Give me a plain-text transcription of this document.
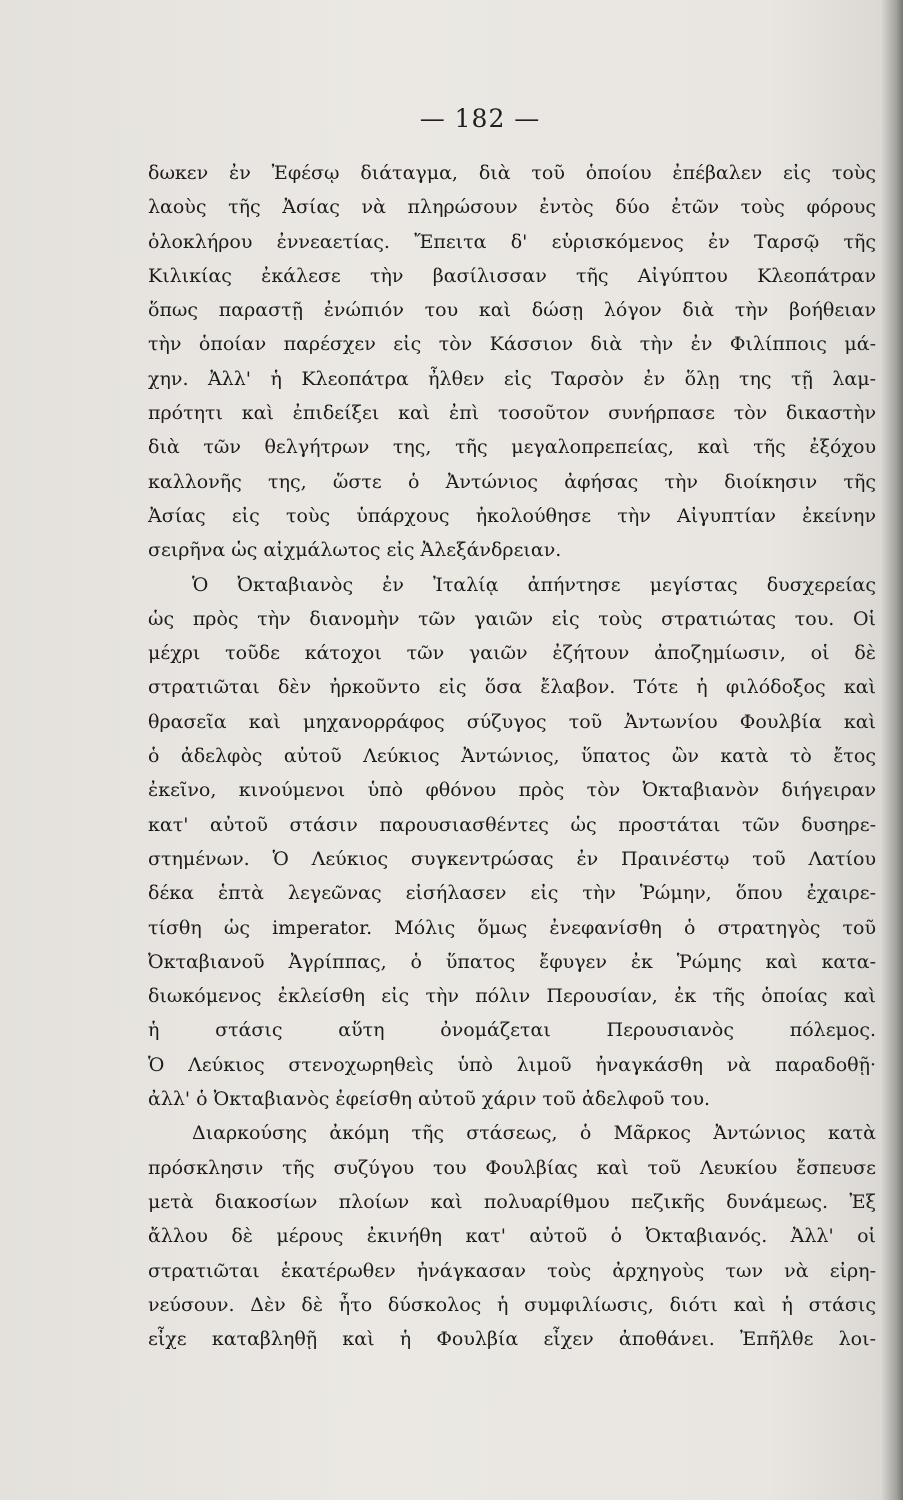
— 182 —
δωκεν ἐν Ἐφέσῳ διάταγμα, διὰ τοῦ ὁποίου ἐπέβαλεν εἰς τοὺς
λαοὺς τῆς Ἀσίας νὰ πληρώσουν ἐντὸς δύο ἐτῶν τοὺς φόρους
ὁλοκλήρου ἐννεαετίας. Ἔπειτα δ' εὑρισκόμενος ἐν Ταρσῷ τῆς
Κιλικίας ἐκάλεσε τὴν βασίλισσαν τῆς Αἰγύπτου Κλεοπάτραν
ὅπως παραστῇ ἐνώπιόν του καὶ δώσῃ λόγον διὰ τὴν βοήθειαν
τὴν ὁποίαν παρέσχεν εἰς τὸν Κάσσιον διὰ τὴν ἐν Φιλίπποις μά-
χην. Ἀλλ' ἡ Κλεοπάτρα ἦλθεν εἰς Ταρσὸν ἐν ὅλῃ της τῇ λαμ-
πρότητι καὶ ἐπιδείξει καὶ ἐπὶ τοσοῦτον συνήρπασε τὸν δικαστὴν
διὰ τῶν θελγήτρων της, τῆς μεγαλοπρεπείας, καὶ τῆς ἐξόχου
καλλονῆς της, ὥστε ὁ Ἀντώνιος ἀφήσας τὴν διοίκησιν τῆς
Ἀσίας εἰς τοὺς ὑπάρχους ἠκολούθησε τὴν Αἰγυπτίαν ἐκείνην
σειρῆνα ὡς αἰχμάλωτος εἰς Ἀλεξάνδρειαν.
Ὁ Ὀκταβιανὸς ἐν Ἰταλίᾳ ἀπήντησε μεγίστας δυσχερείας
ὡς πρὸς τὴν διανομὴν τῶν γαιῶν εἰς τοὺς στρατιώτας του. Οἱ
μέχρι τοῦδε κάτοχοι τῶν γαιῶν ἐζήτουν ἀποζημίωσιν, οἱ δὲ
στρατιῶται δὲν ἠρκοῦντο εἰς ὅσα ἔλαβον. Τότε ἡ φιλόδοξος καὶ
θρασεῖα καὶ μηχανορράφος σύζυγος τοῦ Ἀντωνίου Φουλβία καὶ
ὁ ἀδελφὸς αὐτοῦ Λεύκιος Ἀντώνιος, ὕπατος ὢν κατὰ τὸ ἔτος
ἐκεῖνο, κινούμενοι ὑπὸ φθόνου πρὸς τὸν Ὀκταβιανὸν διήγειραν
κατ' αὐτοῦ στάσιν παρουσιασθέντες ὡς προστάται τῶν δυσηρε-
στημένων. Ὁ Λεύκιος συγκεντρώσας ἐν Πραινέστῳ τοῦ Λατίου
δέκα ἑπτὰ λεγεῶνας εἰσήλασεν εἰς τὴν Ῥώμην, ὅπου ἐχαιρε-
τίσθη ὡς imperator. Μόλις ὅμως ἐνεφανίσθη ὁ στρατηγὸς τοῦ
Ὀκταβιανοῦ Ἀγρίππας, ὁ ὕπατος ἔφυγεν ἐκ Ῥώμης καὶ κατα-
διωκόμενος ἐκλείσθη εἰς τὴν πόλιν Περουσίαν, ἐκ τῆς ὁποίας καὶ
ἡ στάσις αὕτη ὀνομάζεται Περουσιανὸς πόλεμος.
Ὁ Λεύκιος στενοχωρηθεὶς ὑπὸ λιμοῦ ἠναγκάσθη νὰ παραδοθῇ·
ἀλλ' ὁ Ὀκταβιανὸς ἐφείσθη αὐτοῦ χάριν τοῦ ἀδελφοῦ του.
Διαρκούσης ἀκόμη τῆς στάσεως, ὁ Μᾶρκος Ἀντώνιος κατὰ
πρόσκλησιν τῆς συζύγου του Φουλβίας καὶ τοῦ Λευκίου ἔσπευσε
μετὰ διακοσίων πλοίων καὶ πολυαρίθμου πεζικῆς δυνάμεως. Ἐξ
ἄλλου δὲ μέρους ἐκινήθη κατ' αὐτοῦ ὁ Ὀκταβιανός. Ἀλλ' οἱ
στρατιῶται ἑκατέρωθεν ἠνάγκασαν τοὺς ἀρχηγοὺς των νὰ εἰρη-
νεύσουν. Δὲν δὲ ἦτο δύσκολος ἡ συμφιλίωσις, διότι καὶ ἡ στάσις
εἶχε καταβληθῇ καὶ ἡ Φουλβία εἶχεν ἀποθάνει. Ἐπῆλθε λοι-
